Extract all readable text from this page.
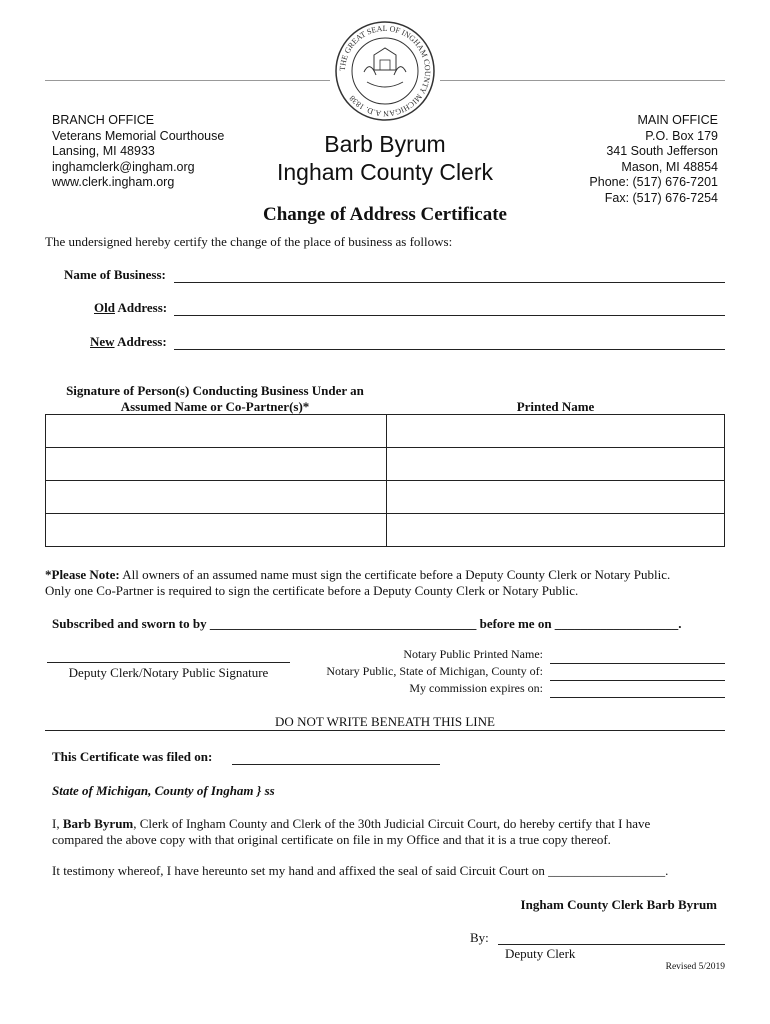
THE GREAT SEAL OF INGHAM COUNTY MICHIGAN A.D. 1838
BRANCH OFFICE
Veterans Memorial Courthouse
Lansing, MI 48933
inghamclerk@ingham.org
www.clerk.ingham.org
Barb Byrum
Ingham County Clerk
MAIN OFFICE
P.O. Box 179
341 South Jefferson
Mason, MI 48854
Phone: (517) 676-7201
Fax: (517) 676-7254
Change of Address Certificate
The undersigned hereby certify the change of the place of business as follows:
Name of Business:
Old Address:
New Address:
Signature of Person(s) Conducting Business Under an
Assumed Name or Co-Partner(s)*	Printed Name

*Please Note: All owners of an assumed name must sign the certificate before a Deputy County Clerk or Notary Public.
Only one Co-Partner is required to sign the certificate before a Deputy County Clerk or Notary Public.
Subscribed and sworn to by _________________________________________ before me on ___________________.
Deputy Clerk/Notary Public Signature
Notary Public Printed Name:
Notary Public, State of Michigan, County of:
My commission expires on:
DO NOT WRITE BENEATH THIS LINE
This Certificate was filed on:
State of Michigan, County of Ingham } ss
I, Barb Byrum, Clerk of Ingham County and Clerk of the 30th Judicial Circuit Court, do hereby certify that I have
compared the above copy with that original certificate on file in my Office and that it is a true copy thereof.
It testimony whereof, I have hereunto set my hand and affixed the seal of said Circuit Court on __________________.
Ingham County Clerk Barb Byrum
By:
Deputy Clerk
Revised 5/2019
